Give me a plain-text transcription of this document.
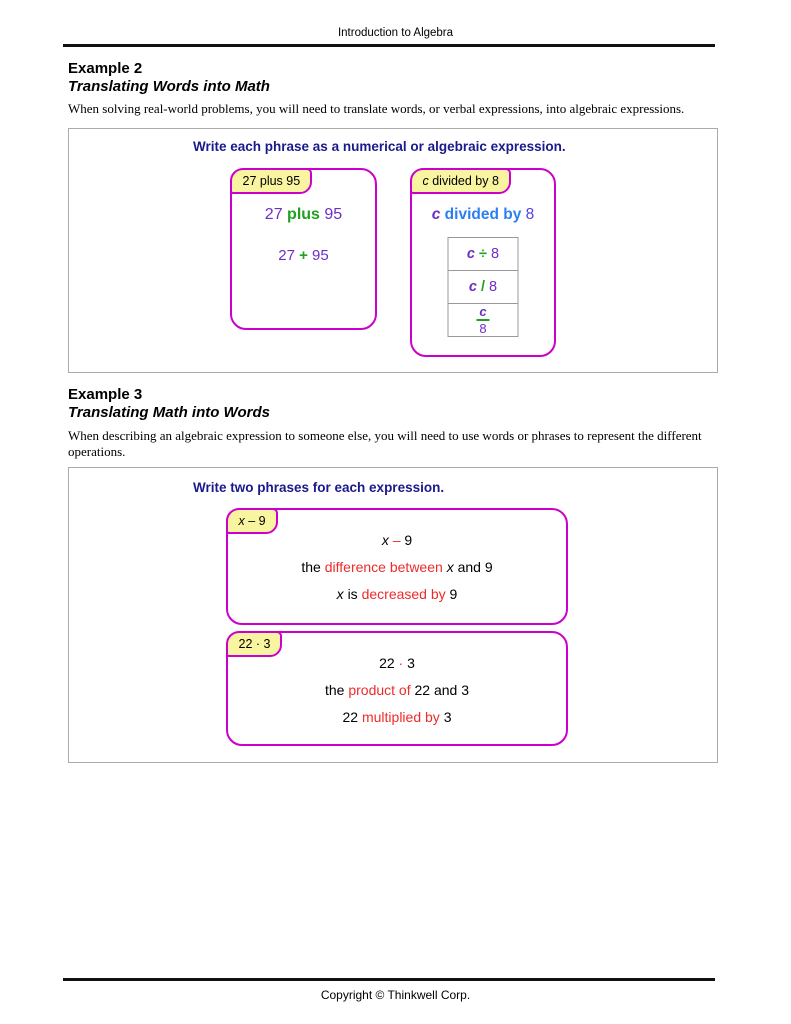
Introduction to Algebra
Example 2
Translating Words into Math
When solving real-world problems, you will need to translate words, or verbal expressions, into algebraic expressions.
Write each phrase as a numerical or algebraic expression.
27 plus 95
27 plus 95
27 + 95
c divided by 8
c divided by 8
c ÷ 8
c / 8

$\frac{c}{8}$
Example 3
Translating Math into Words
When describing an algebraic expression to someone else, you will need to use words or phrases to represent the different operations.
Write two phrases for each expression.
x – 9
x – 9
the difference between x and 9
x is decreased by 9
22 · 3
22 · 3
the product of 22 and 3
22 multiplied by 3
Copyright © Thinkwell Corp.
